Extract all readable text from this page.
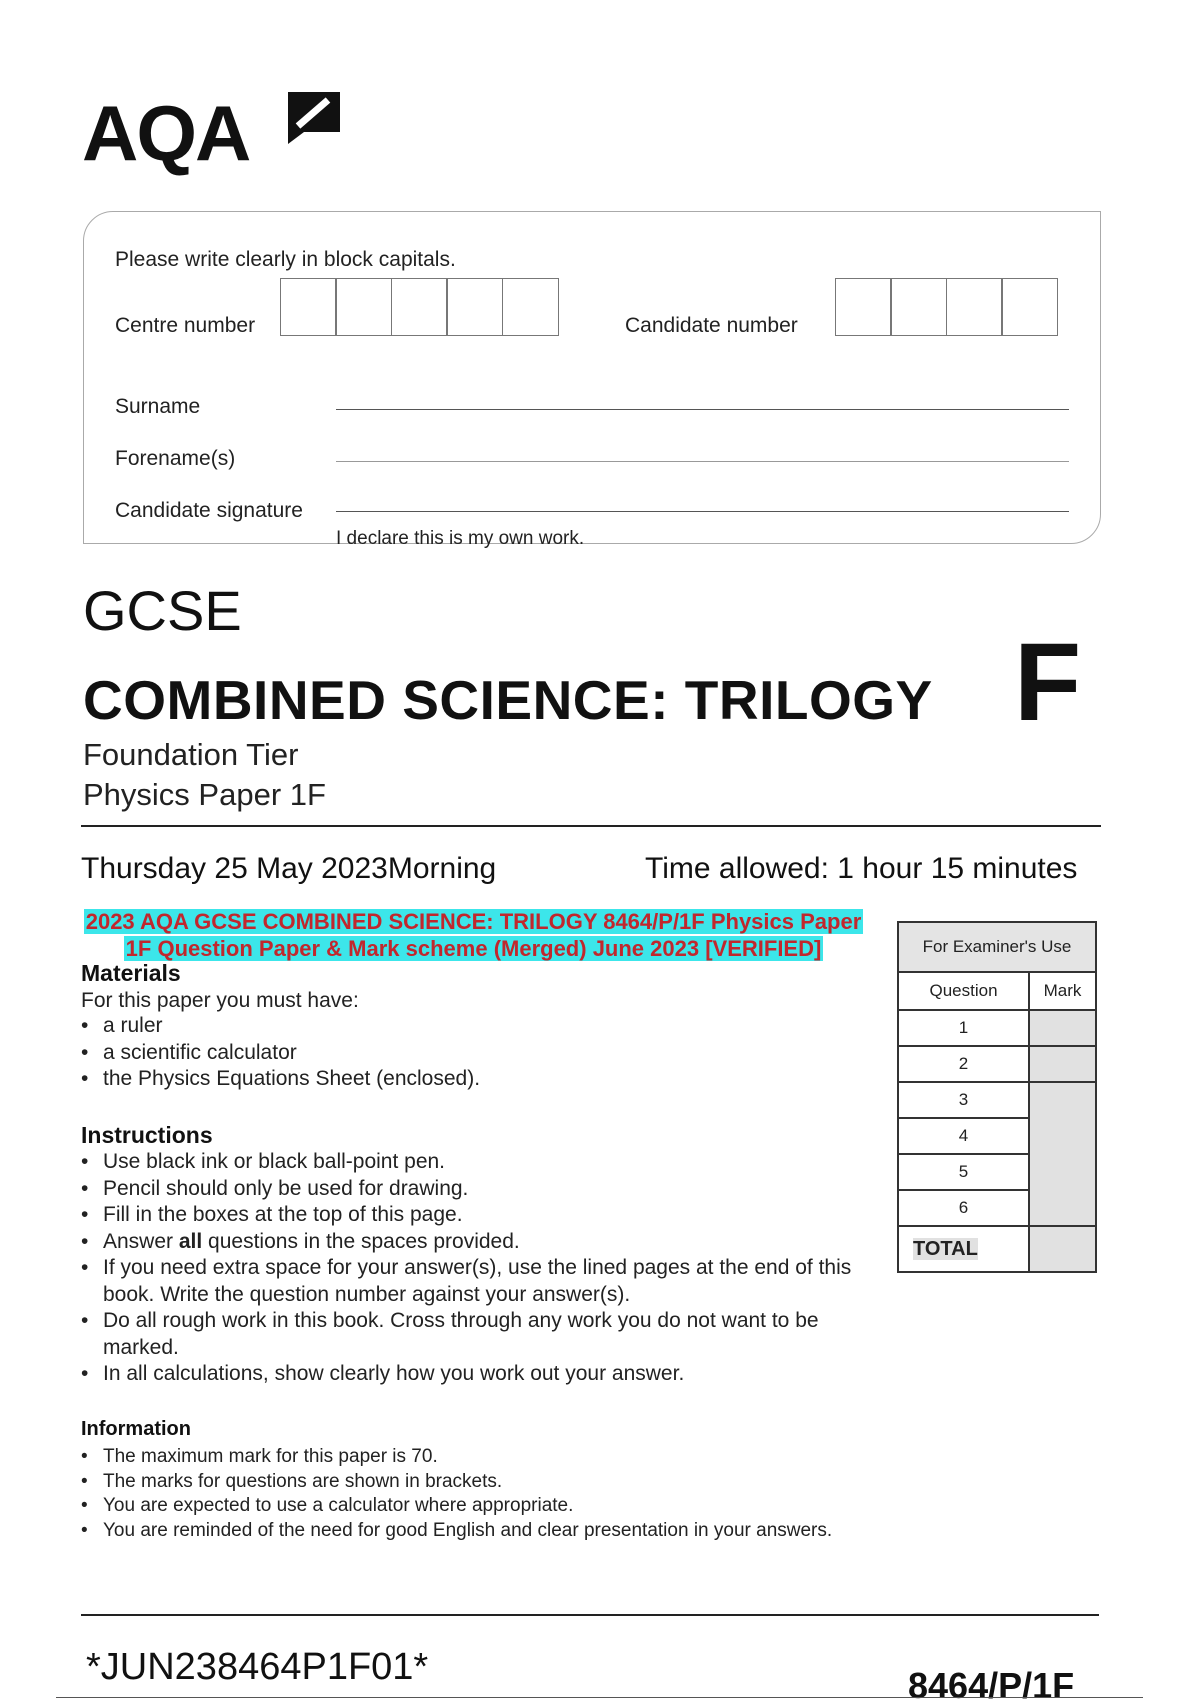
AQA
Please write clearly in block capitals.
Centre number	Candidate number
Surname
Forename(s)
Candidate signature
I declare this is my own work.
GCSE
COMBINED SCIENCE: TRILOGY F
Foundation Tier
Physics Paper 1F
Thursday 25 May 2023Morning	Time allowed: 1 hour 15 minutes
2023 AQA GCSE COMBINED SCIENCE: TRILOGY 8464/P/1F Physics Paper
1F Question Paper & Mark scheme (Merged) June 2023 [VERIFIED]
Materials
For this paper you must have:
• a ruler
• a scientific calculator
• the Physics Equations Sheet (enclosed).
Instructions
• Use black ink or black ball-point pen.
• Pencil should only be used for drawing.
• Fill in the boxes at the top of this page.
• Answer all questions in the spaces provided.
• If you need extra space for your answer(s), use the lined pages at the end of this book. Write the question number against your answer(s).
• Do all rough work in this book. Cross through any work you do not want to be marked.
• In all calculations, show clearly how you work out your answer.
Information
• The maximum mark for this paper is 70.
• The marks for questions are shown in brackets.
• You are expected to use a calculator where appropriate.
• You are reminded of the need for good English and clear presentation in your answers.
For Examiner's Use	
Question	Mark
1	
2	
3	
4	
5	
6	
TOTAL	
*JUN238464P1F01*	8464/P/1F
